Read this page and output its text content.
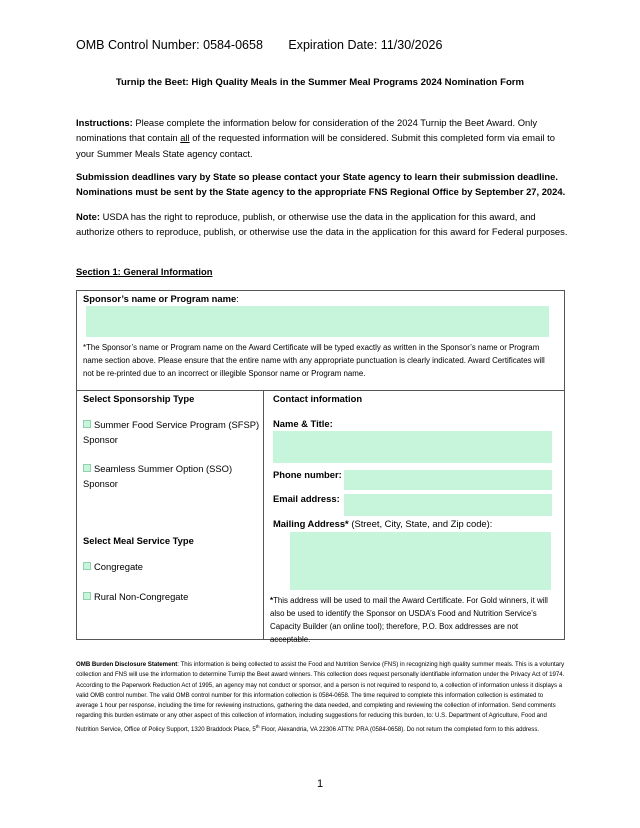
OMB Control Number: 0584-0658 Expiration Date: 11/30/2026
Turnip the Beet: High Quality Meals in the Summer Meal Programs 2024 Nomination Form
Instructions: Please complete the information below for consideration of the 2024 Turnip the Beet Award. Only nominations that contain all of the requested information will be considered. Submit this completed form via email to your Summer Meals State agency contact.
Submission deadlines vary by State so please contact your State agency to learn their submission deadline. Nominations must be sent by the State agency to the appropriate FNS Regional Office by September 27, 2024.
Note: USDA has the right to reproduce, publish, or otherwise use the data in the application for this award, and authorize others to reproduce, publish, or otherwise use the data in the application for this award for Federal purposes.
Section 1: General Information
Sponsor’s name or Program name:
*The Sponsor’s name or Program name on the Award Certificate will be typed exactly as written in the Sponsor’s name or Program name section above. Please ensure that the entire name with any appropriate punctuation is clearly indicated. Award Certificates will not be re-printed due to an incorrect or illegible Sponsor name or Program name.
Select Sponsorship Type
Summer Food Service Program (SFSP) Sponsor
Seamless Summer Option (SSO) Sponsor
Select Meal Service Type
Congregate
Rural Non-Congregate
Contact information
Name & Title:
Phone number:
Email address:
Mailing Address* (Street, City, State, and Zip code):
*This address will be used to mail the Award Certificate. For Gold winners, it will also be used to identify the Sponsor on USDA’s Food and Nutrition Service’s Capacity Builder (an online tool); therefore, P.O. Box addresses are not acceptable.
OMB Burden Disclosure Statement: This information is being collected to assist the Food and Nutrition Service (FNS) in recognizing high quality summer meals. This is a voluntary collection and FNS will use the information to determine Turnip the Beet award winners. This collection does request personally identifiable information under the Privacy Act of 1974. According to the Paperwork Reduction Act of 1995, an agency may not conduct or sponsor, and a person is not required to respond to, a collection of information unless it displays a valid OMB control number. The valid OMB control number for this information collection is 0584-0658. The time required to complete this information collection is estimated to average 1 hour per response, including the time for reviewing instructions, gathering the data needed, and completing and reviewing the collection of information. Send comments regarding this burden estimate or any other aspect of this collection of information, including suggestions for reducing this burden, to: U.S. Department of Agriculture, Food and Nutrition Service, Office of Policy Support, 1320 Braddock Place, 5th Floor, Alexandria, VA 22306 ATTN: PRA (0584-0658). Do not return the completed form to this address.
1
